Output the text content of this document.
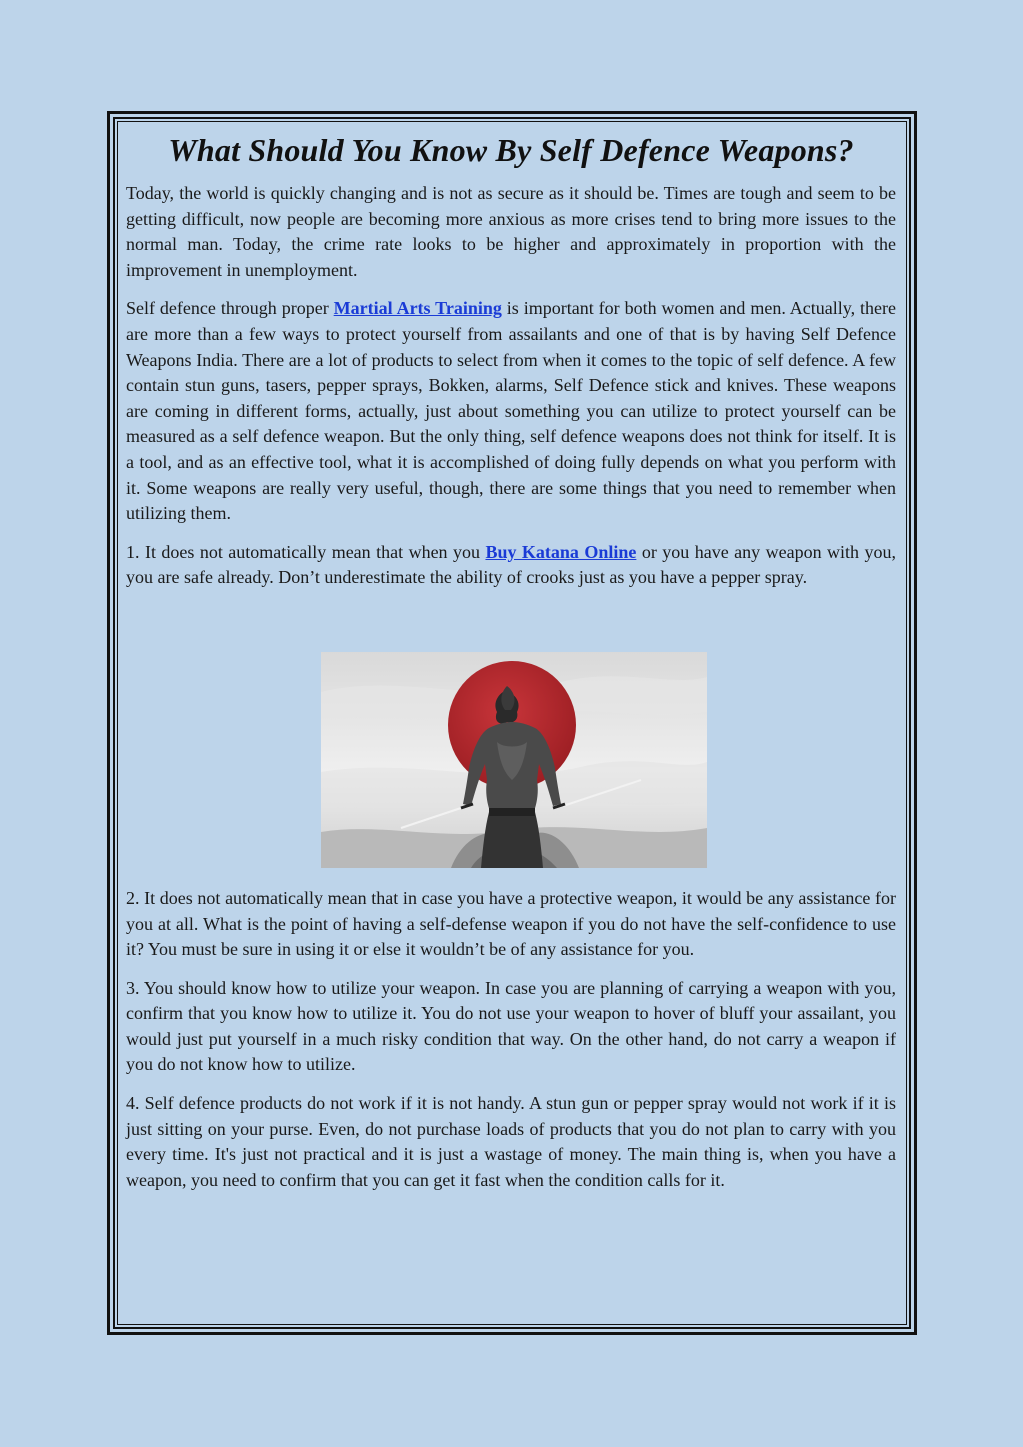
What Should You Know By Self Defence Weapons?

Today, the world is quickly changing and is not as secure as it should be. Times are tough and seem to be getting difficult, now people are becoming more anxious as more crises tend to bring more issues to the normal man. Today, the crime rate looks to be higher and approximately in proportion with the improvement in unemployment.

Self defence through proper Martial Arts Training is important for both women and men. Actually, there are more than a few ways to protect yourself from assailants and one of that is by having Self Defence Weapons India. There are a lot of products to select from when it comes to the topic of self defence. A few contain stun guns, tasers, pepper sprays, Bokken, alarms, Self Defence stick and knives. These weapons are coming in different forms, actually, just about something you can utilize to protect yourself can be measured as a self defence weapon. But the only thing, self defence weapons does not think for itself. It is a tool, and as an effective tool, what it is accomplished of doing fully depends on what you perform with it. Some weapons are really very useful, though, there are some things that you need to remember when utilizing them.

1. It does not automatically mean that when you Buy Katana Online or you have any weapon with you, you are safe already. Don’t underestimate the ability of crooks just as you have a pepper spray.

2. It does not automatically mean that in case you have a protective weapon, it would be any assistance for you at all. What is the point of having a self-defense weapon if you do not have the self-confidence to use it? You must be sure in using it or else it wouldn’t be of any assistance for you.

3. You should know how to utilize your weapon. In case you are planning of carrying a weapon with you, confirm that you know how to utilize it. You do not use your weapon to hover of bluff your assailant, you would just put yourself in a much risky condition that way. On the other hand, do not carry a weapon if you do not know how to utilize.

4. Self defence products do not work if it is not handy. A stun gun or pepper spray would not work if it is just sitting on your purse. Even, do not purchase loads of products that you do not plan to carry with you every time. It's just not practical and it is just a wastage of money. The main thing is, when you have a weapon, you need to confirm that you can get it fast when the condition calls for it.
